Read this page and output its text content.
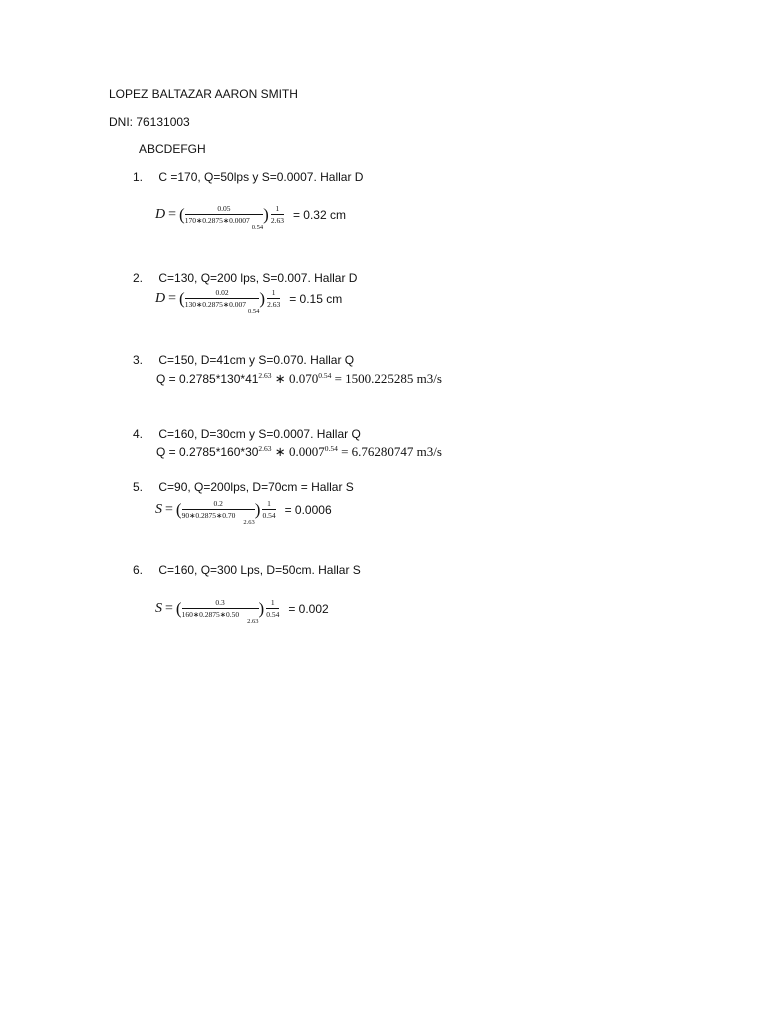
LOPEZ BALTAZAR AARON SMITH
DNI: 76131003
ABCDEFGH
1. C =170, Q=50lps y S=0.0007. Hallar D
D = ( $\frac{0.05}{170∗0.2875∗0.00070.54}$ ) $\frac{1}{2.63} = 0.32$ cm
2. C=130, Q=200 lps, S=0.007. Hallar D
D = ( $\frac{0.02}{130∗0.2875∗0.0070.54}$ ) $\frac{1}{2.63} = 0.15$ cm
3. C=150, D=41cm y S=0.070. Hallar Q
$Q = 0.2785*130*41^{2.63}$ ∗ $0.070^{0.54} = 1500.225285$ m3/s
4. C=160, D=30cm y S=0.0007. Hallar Q
$Q = 0.2785*160*30^{2.63}$ ∗ $0.0007^{0.54} = 6.76280747$ m3/s
5. C=90, Q=200lps, D=70cm = Hallar S
S = ( $\frac{0.2}{90∗0.2875∗0.702.63}$ ) $\frac{1}{0.54} = 0.0006$
6. C=160, Q=300 Lps, D=50cm. Hallar S
S = ( $\frac{0.3}{160∗0.2875∗0.502.63}$ ) $\frac{1}{0.54} = 0.002$
